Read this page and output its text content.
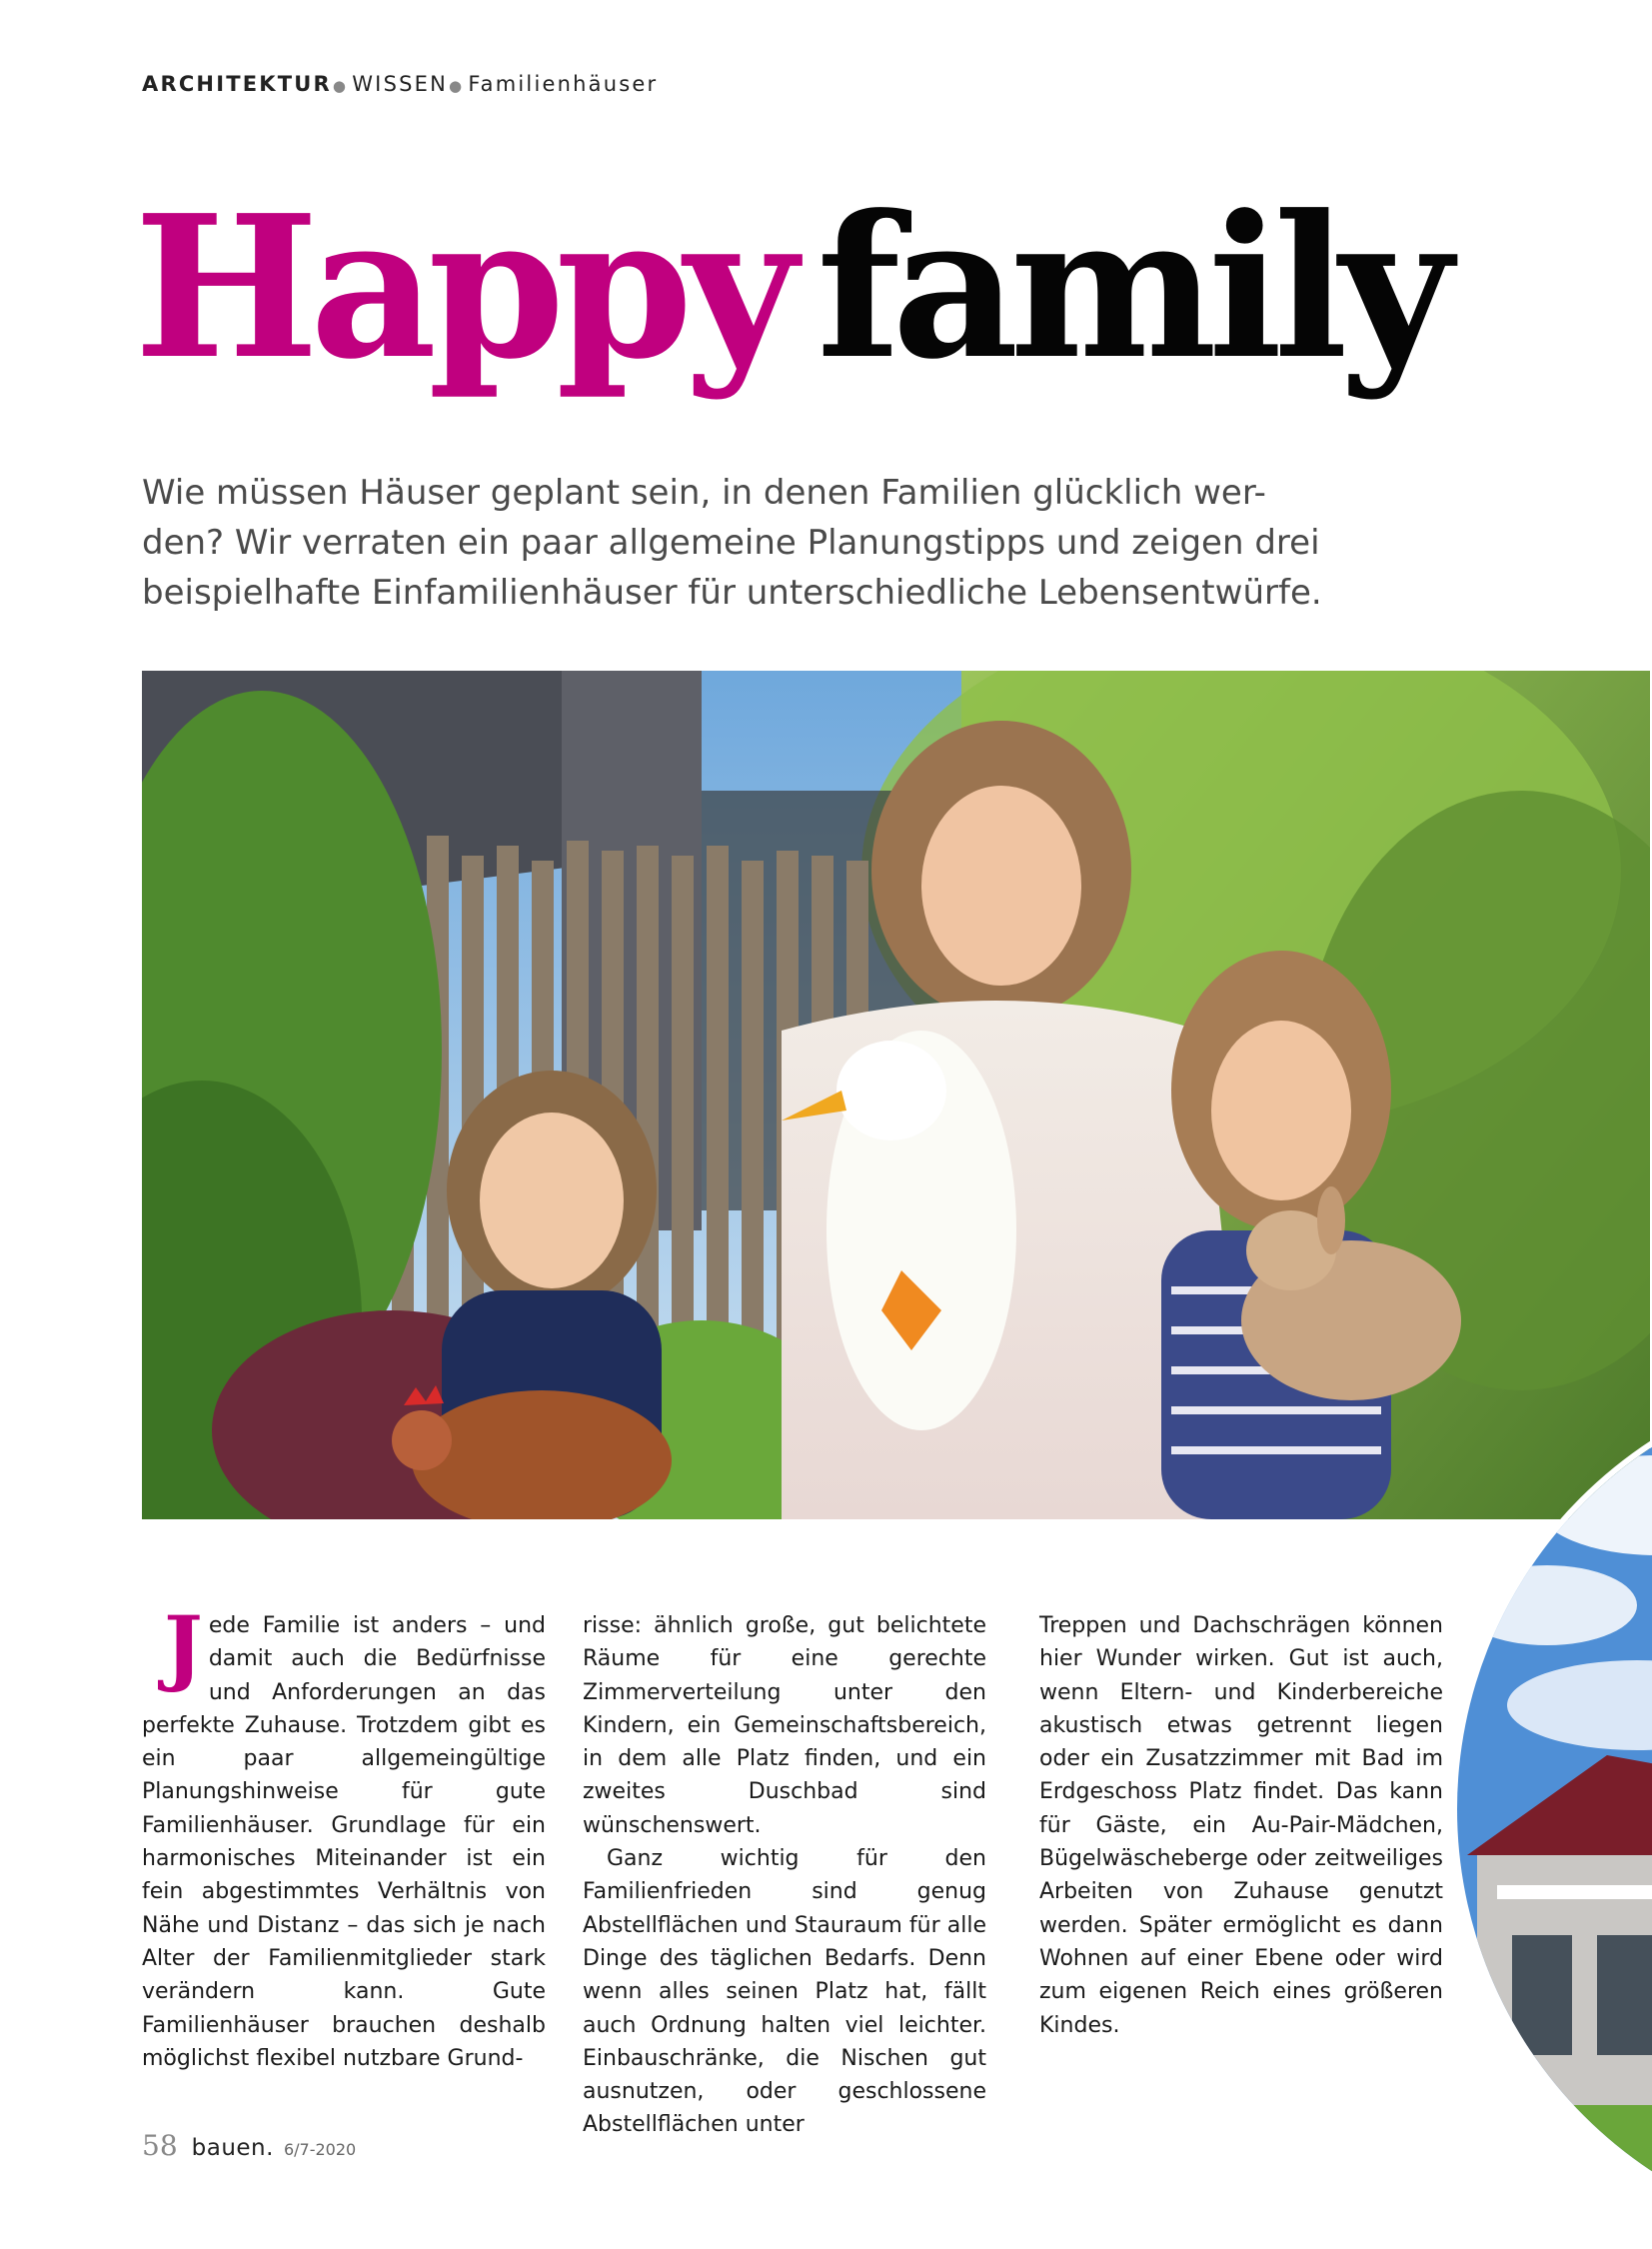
ARCHITEKTUR● WISSEN● Familienhäuser
Happy family

Wie müssen Häuser geplant sein, in denen Familien glücklich wer-
den? Wir verraten ein paar allgemeine Planungstipps und zeigen drei
beispielhafte Einfamilienhäuser für unterschiedliche Lebensentwürfe.

Jede Familie ist anders – und damit auch die Bedürfnisse und Anforderungen an das perfekte Zuhause. Trotzdem gibt es ein paar allgemeingültige Planungshinweise für gute Familienhäuser. Grundlage für ein harmonisches Miteinander ist ein fein abgestimmtes Verhältnis von Nähe und Distanz – das sich je nach Alter der Familienmitglieder stark verändern kann. Gute Familienhäuser brauchen deshalb möglichst flexibel nutzbare Grund-

risse: ähnlich große, gut belichtete Räume für eine gerechte Zimmerverteilung unter den Kindern, ein Gemeinschaftsbereich, in dem alle Platz finden, und ein zweites Duschbad sind wünschenswert.

Ganz wichtig für den Familienfrieden sind genug Abstellflächen und Stauraum für alle Dinge des täglichen Bedarfs. Denn wenn alles seinen Platz hat, fällt auch Ordnung halten viel leichter. Einbauschränke, die Nischen gut ausnutzen, oder geschlossene Abstellflächen unter

Treppen und Dachschrägen können hier Wunder wirken. Gut ist auch, wenn Eltern- und Kinderbereiche akustisch etwas getrennt liegen oder ein Zusatzzimmer mit Bad im Erdgeschoss Platz findet. Das kann für Gäste, ein Au-Pair-Mädchen, Bügelwäscheberge oder zeitweiliges Arbeiten von Zuhause genutzt werden. Später ermöglicht es dann Wohnen auf einer Ebene oder wird zum eigenen Reich eines größeren Kindes.

58 bauen. 6/7-2020
